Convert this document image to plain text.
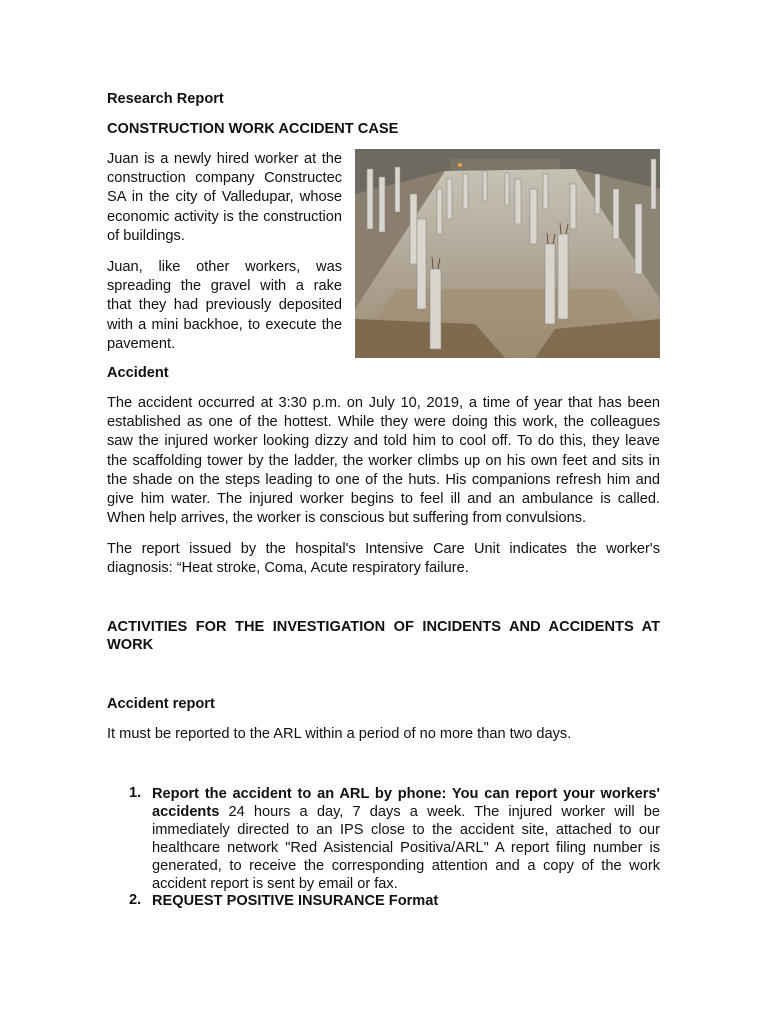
Research Report
CONSTRUCTION WORK ACCIDENT CASE

Juan is a newly hired worker at the construction company Constructec SA in the city of Valledupar, whose economic activity is the construction of buildings.

Juan, like other workers, was spreading the gravel with a rake that they had previously deposited with a mini backhoe, to execute the pavement.

Accident

The accident occurred at 3:30 p.m. on July 10, 2019, a time of year that has been established as one of the hottest. While they were doing this work, the colleagues saw the injured worker looking dizzy and told him to cool off. To do this, they leave the scaffolding tower by the ladder, the worker climbs up on his own feet and sits in the shade on the steps leading to one of the huts. His companions refresh him and give him water. The injured worker begins to feel ill and an ambulance is called. When help arrives, the worker is conscious but suffering from convulsions.

The report issued by the hospital's Intensive Care Unit indicates the worker's diagnosis: “Heat stroke, Coma, Acute respiratory failure.

ACTIVITIES FOR THE INVESTIGATION OF INCIDENTS AND ACCIDENTS AT WORK
Accident report
It must be reported to the ARL within a period of no more than two days.
1. Report the accident to an ARL by phone: You can report your workers' accidents 24 hours a day, 7 days a week. The injured worker will be immediately directed to an IPS close to the accident site, attached to our healthcare network "Red Asistencial Positiva/ARL" A report filing number is generated, to receive the corresponding attention and a copy of the work accident report is sent by email or fax.
2. REQUEST POSITIVE INSURANCE Format
